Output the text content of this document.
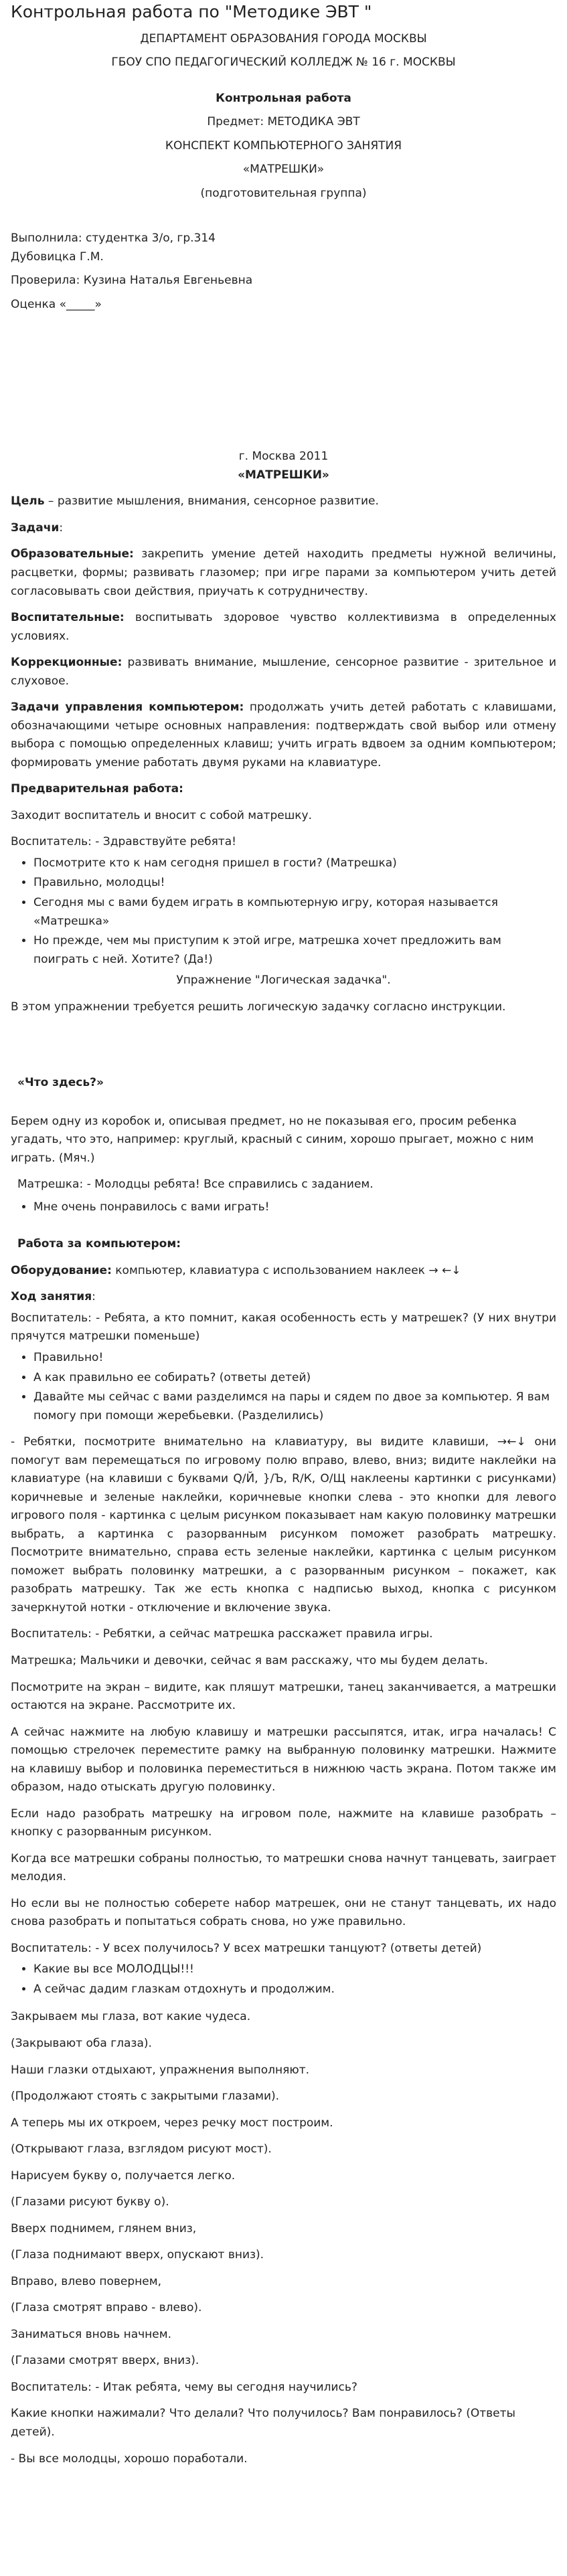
Контрольная работа по "Методике ЭВТ "

ДЕПАРТАМЕНТ ОБРАЗОВАНИЯ ГОРОДА МОСКВЫ

ГБОУ СПО ПЕДАГОГИЧЕСКИЙ КОЛЛЕДЖ № 16 г. МОСКВЫ

Контрольная работа

Предмет: МЕТОДИКА ЭВТ

КОНСПЕКТ КОМПЬЮТЕРНОГО ЗАНЯТИЯ

«МАТРЕШКИ»

(подготовительная группа)

Выполнила: студентка 3/о, гр.314

Дубовицка Г.М.

Проверила: Кузина Наталья Евгеньевна

Оценка «_____»

г. Москва 2011

«МАТРЕШКИ»

Цель – развитие мышления, внимания, сенсорное развитие.

Задачи:

Образовательные: закрепить умение детей находить предметы нужной величины, расцветки, формы; развивать глазомер; при игре парами за компьютером учить детей согласовывать свои действия, приучать к сотрудничеству.

Воспитательные: воспитывать здоровое чувство коллективизма в определенных условиях.

Коррекционные: развивать внимание, мышление, сенсорное развитие - зрительное и слуховое.

Задачи управления компьютером: продолжать учить детей работать с клавишами, обозначающими четыре основных направления: подтверждать свой выбор или отмену выбора с помощью определенных клавиш; учить играть вдвоем за одним компьютером; формировать умение работать двумя руками на клавиатуре.

Предварительная работа:

Заходит воспитатель и вносит с собой матрешку.

Воспитатель: - Здравствуйте ребята!

• Посмотрите кто к нам сегодня пришел в гости? (Матрешка)
• Правильно, молодцы!
• Сегодня мы с вами будем играть в компьютерную игру, которая называется «Матрешка»
• Но прежде, чем мы приступим к этой игре, матрешка хочет предложить вам поиграть с ней. Хотите? (Да!)

Упражнение "Логическая задачка".

В этом упражнении требуется решить логическую задачку согласно инструкции.

«Что здесь?»

Берем одну из коробок и, описывая предмет, но не показывая его, просим ребенка угадать, что это, например: круглый, красный с синим, хорошо прыгает, можно с ним играть. (Мяч.)

Матрешка: - Молодцы ребята! Все справились с заданием.

• Мне очень понравилось с вами играть!

Работа за компьютером:

Оборудование: компьютер, клавиатура с использованием наклеек → ←↓

Ход занятия:

Воспитатель: - Ребята, а кто помнит, какая особенность есть у матрешек? (У них внутри прячутся матрешки поменьше)

• Правильно!
• А как правильно ее собирать? (ответы детей)
• Давайте мы сейчас с вами разделимся на пары и сядем по двое за компьютер. Я вам помогу при помощи жеребьевки. (Разделились)

- Ребятки, посмотрите внимательно на клавиатуру, вы видите клавиши, →←↓ они помогут вам перемещаться по игровому полю вправо, влево, вниз; видите наклейки на клавиатуре (на клавиши с буквами Q/Й, }/Ъ, R/К, О/Щ наклеены картинки с рисунками) коричневые и зеленые наклейки, коричневые кнопки слева - это кнопки для левого игрового поля - картинка с целым рисунком показывает нам какую половинку матрешки выбрать, а картинка с разорванным рисунком поможет разобрать матрешку. Посмотрите внимательно, справа есть зеленые наклейки, картинка с целым рисунком поможет выбрать половинку матрешки, а с разорванным рисунком – покажет, как разобрать матрешку. Так же есть кнопка с надписью выход, кнопка с рисунком зачеркнутой нотки - отключение и включение звука.

Воспитатель: - Ребятки, а сейчас матрешка расскажет правила игры.

Матрешка; Мальчики и девочки, сейчас я вам расскажу, что мы будем делать.

Посмотрите на экран – видите, как пляшут матрешки, танец заканчивается, а матрешки остаются на экране. Рассмотрите их.

А сейчас нажмите на любую клавишу и матрешки рассыпятся, итак, игра началась! С помощью стрелочек переместите рамку на выбранную половинку матрешки. Нажмите на клавишу выбор и половинка переместиться в нижнюю часть экрана. Потом также им образом, надо отыскать другую половинку.

Если надо разобрать матрешку на игровом поле, нажмите на клавише разобрать – кнопку с разорванным рисунком.

Когда все матрешки собраны полностью, то матрешки снова начнут танцевать, заиграет мелодия.

Но если вы не полностью соберете набор матрешек, они не станут танцевать, их надо снова разобрать и попытаться собрать снова, но уже правильно.

Воспитатель: - У всех получилось? У всех матрешки танцуют? (ответы детей)

• Какие вы все МОЛОДЦЫ!!!
• А сейчас дадим глазкам отдохнуть и продолжим.

Закрываем мы глаза, вот какие чудеса.

(Закрывают оба глаза).

Наши глазки отдыхают, упражнения выполняют.

(Продолжают стоять с закрытыми глазами).

А теперь мы их откроем, через речку мост построим.

(Открывают глаза, взглядом рисуют мост).

Нарисуем букву о, получается легко.

(Глазами рисуют букву о).

Вверх поднимем, глянем вниз,

(Глаза поднимают вверх, опускают вниз).

Вправо, влево повернем,

(Глаза смотрят вправо - влево).

Заниматься вновь начнем.

(Глазами смотрят вверх, вниз).

Воспитатель: - Итак ребята, чему вы сегодня научились?

Какие кнопки нажимали? Что делали? Что получилось? Вам понравилось? (Ответы детей).

- Вы все молодцы, хорошо поработали.
